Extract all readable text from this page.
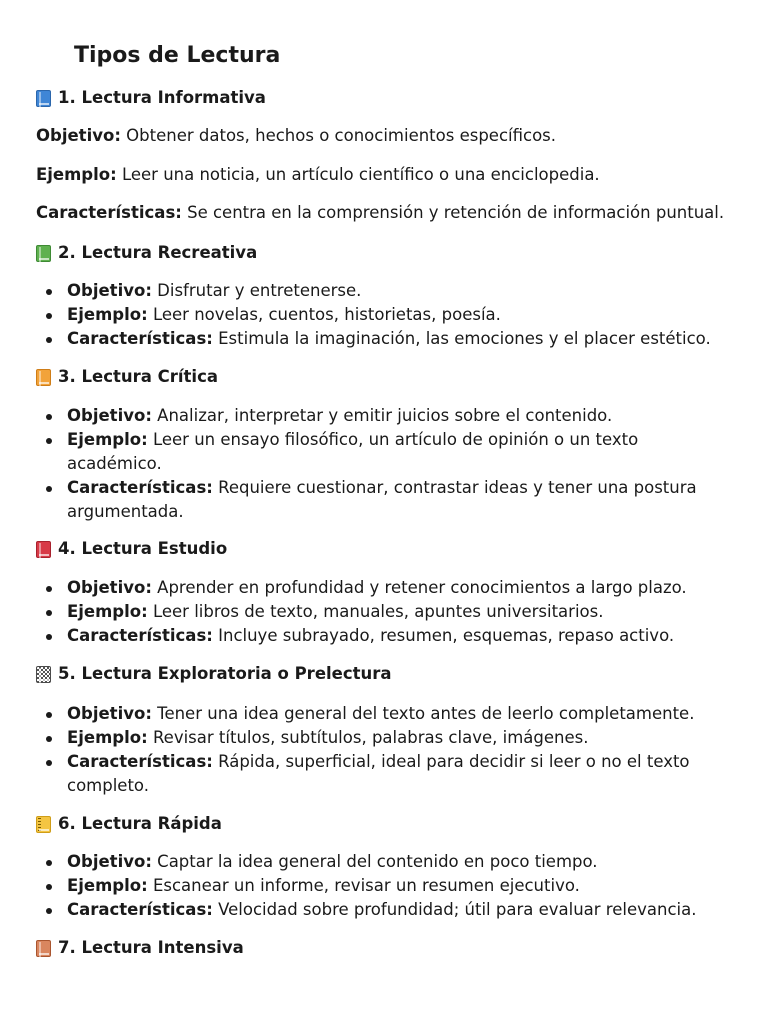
Tipos de Lectura
1. Lectura Informativa

Objetivo: Obtener datos, hechos o conocimientos específicos.

Ejemplo: Leer una noticia, un artículo científico o una enciclopedia.

Características: Se centra en la comprensión y retención de información puntual.

2. Lectura Recreativa
Objetivo: Disfrutar y entretenerse.
Ejemplo: Leer novelas, cuentos, historietas, poesía.
Características: Estimula la imaginación, las emociones y el placer estético.
3. Lectura Crítica
Objetivo: Analizar, interpretar y emitir juicios sobre el contenido.
Ejemplo: Leer un ensayo filosófico, un artículo de opinión o un texto académico.
Características: Requiere cuestionar, contrastar ideas y tener una postura argumentada.
4. Lectura Estudio
Objetivo: Aprender en profundidad y retener conocimientos a largo plazo.
Ejemplo: Leer libros de texto, manuales, apuntes universitarios.
Características: Incluye subrayado, resumen, esquemas, repaso activo.
5. Lectura Exploratoria o Prelectura
Objetivo: Tener una idea general del texto antes de leerlo completamente.
Ejemplo: Revisar títulos, subtítulos, palabras clave, imágenes.
Características: Rápida, superficial, ideal para decidir si leer o no el texto completo.
6. Lectura Rápida
Objetivo: Captar la idea general del contenido en poco tiempo.
Ejemplo: Escanear un informe, revisar un resumen ejecutivo.
Características: Velocidad sobre profundidad; útil para evaluar relevancia.
7. Lectura Intensiva
